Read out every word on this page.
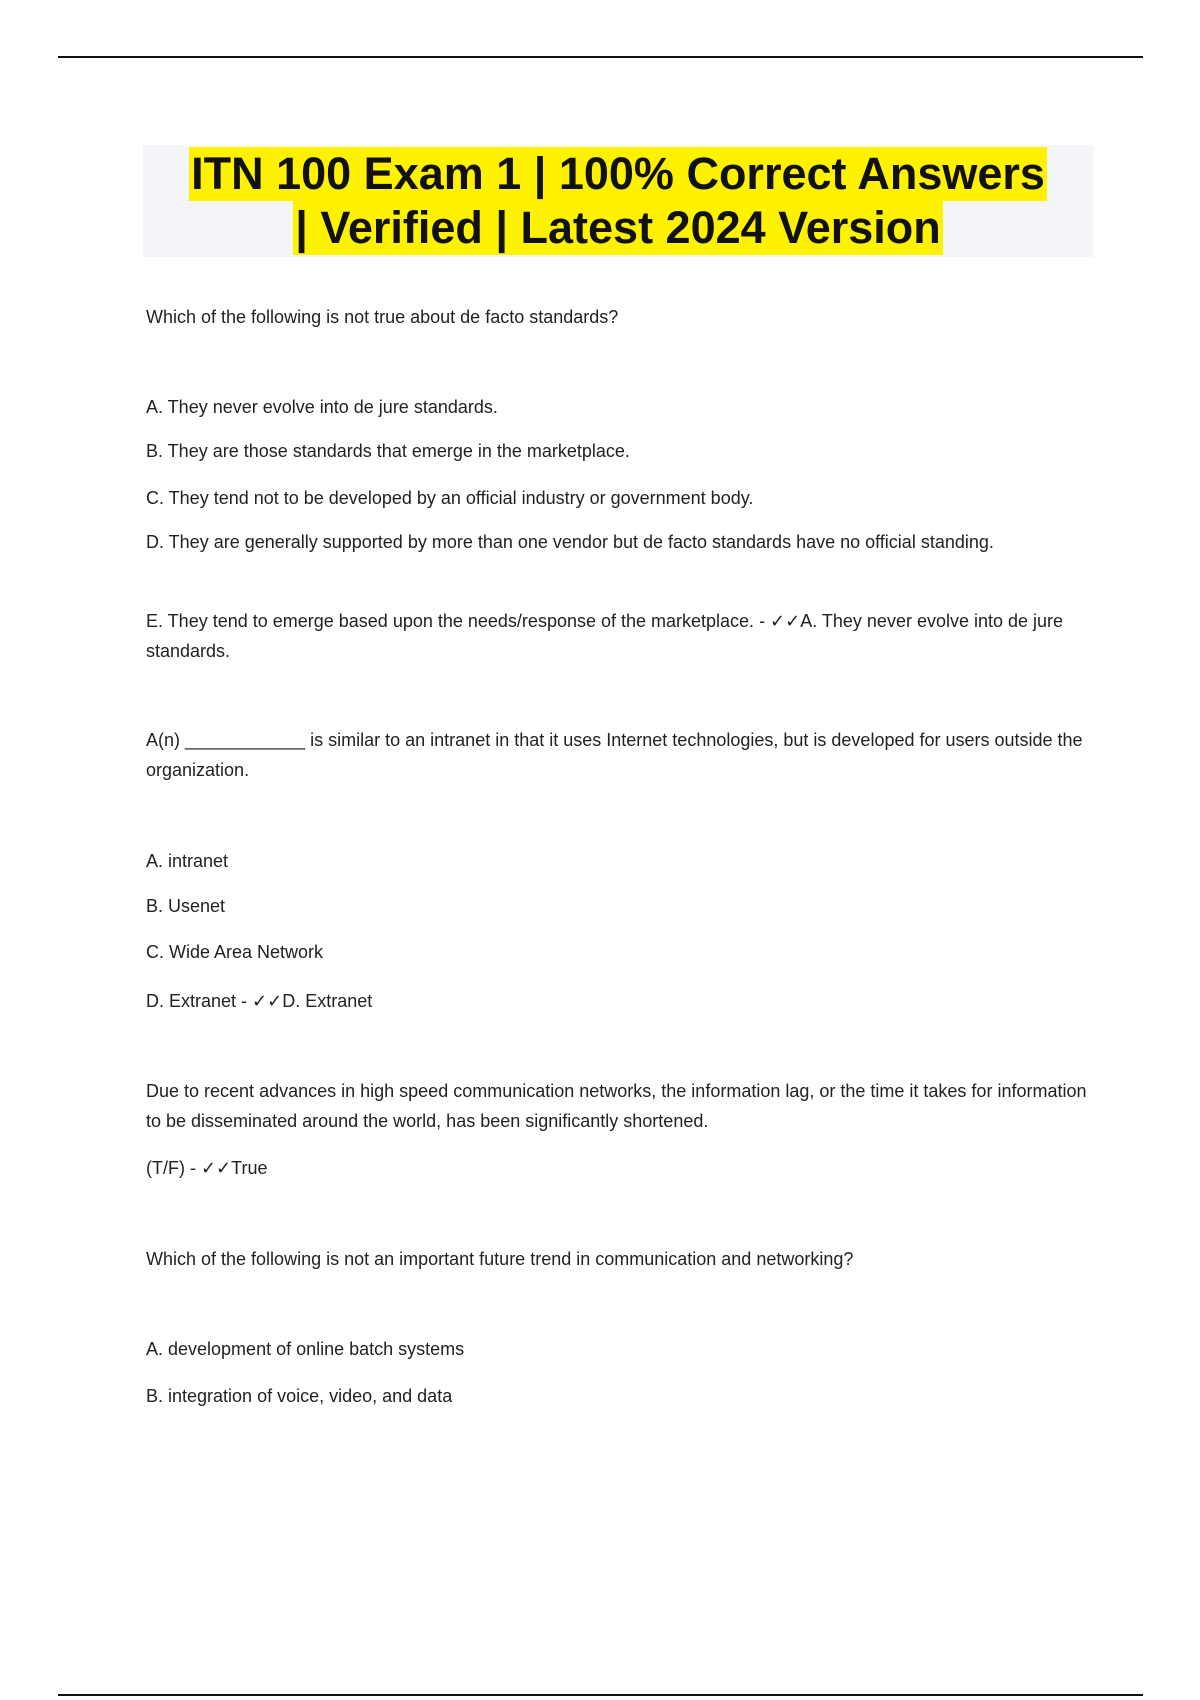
ITN 100 Exam 1 | 100% Correct Answers
| Verified | Latest 2024 Version

Which of the following is not true about de facto standards?

A. They never evolve into de jure standards.

B. They are those standards that emerge in the marketplace.

C. They tend not to be developed by an official industry or government body.

D. They are generally supported by more than one vendor but de facto standards have no official standing.

E. They tend to emerge based upon the needs/response of the marketplace. - ✓✓A. They never evolve into de jure standards.

A(n) ____________ is similar to an intranet in that it uses Internet technologies, but is developed for users outside the organization.

A. intranet

B. Usenet

C. Wide Area Network

D. Extranet - ✓✓D. Extranet

Due to recent advances in high speed communication networks, the information lag, or the time it takes for information to be disseminated around the world, has been significantly shortened.

(T/F) - ✓✓True

Which of the following is not an important future trend in communication and networking?

A. development of online batch systems

B. integration of voice, video, and data
